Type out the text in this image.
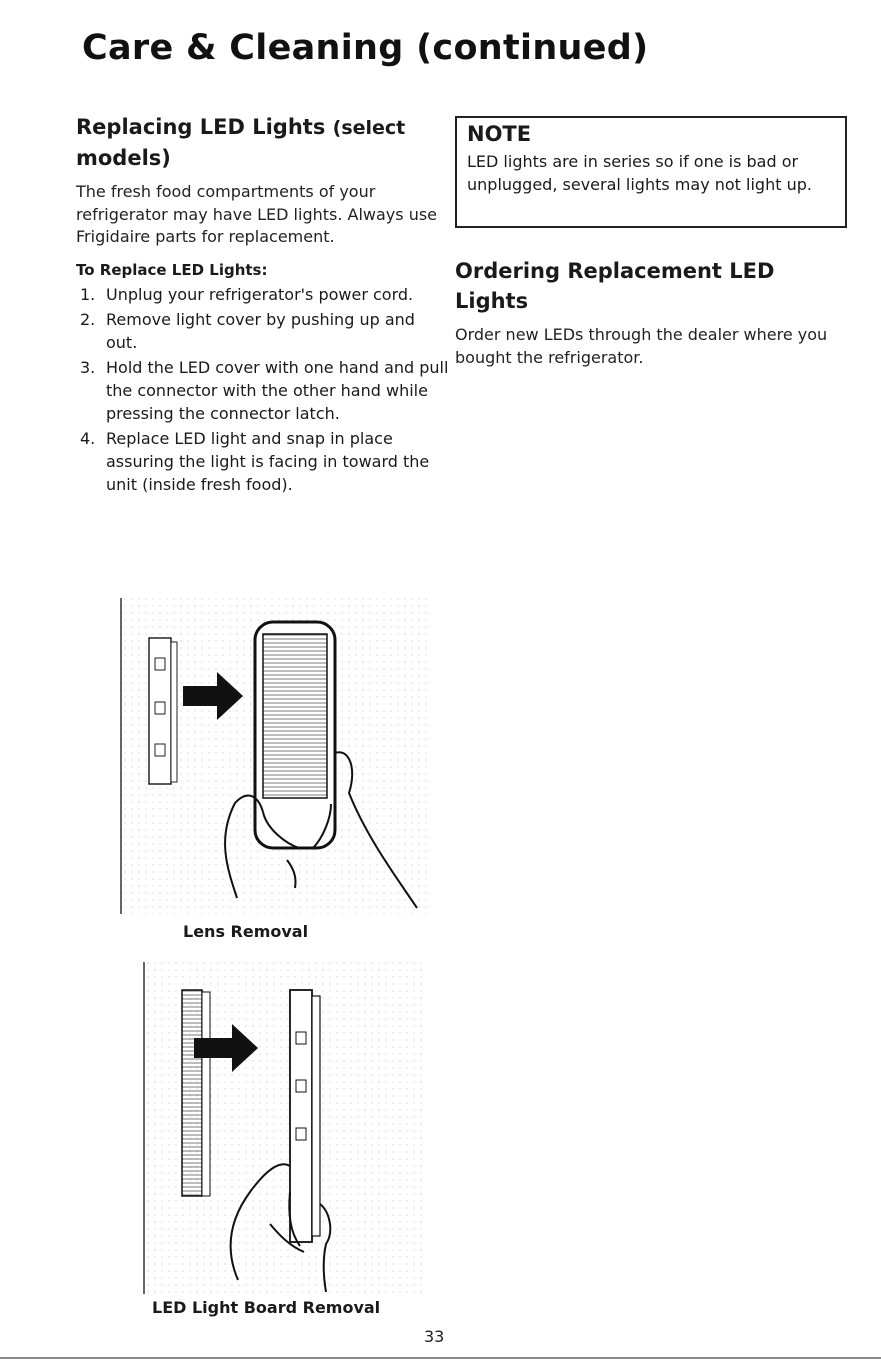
Care & Cleaning (continued)
Replacing LED Lights (select
models)

The fresh food compartments of your refrigerator may have LED lights. Always use Frigidaire parts for replacement.

To Replace LED Lights:
1. Unplug your refrigerator's power cord.
2. Remove light cover by pushing up and out.
3. Hold the LED cover with one hand and pull the connector with the other hand while pressing the connector latch.
4. Replace LED light and snap in place assuring the light is facing in toward the unit (inside fresh food).
NOTE

LED lights are in series so if one is bad or unplugged, several lights may not light up.

Ordering Replacement LED Lights

Order new LEDs through the dealer where you bought the refrigerator.

Lens Removal
LED Light Board Removal
33
